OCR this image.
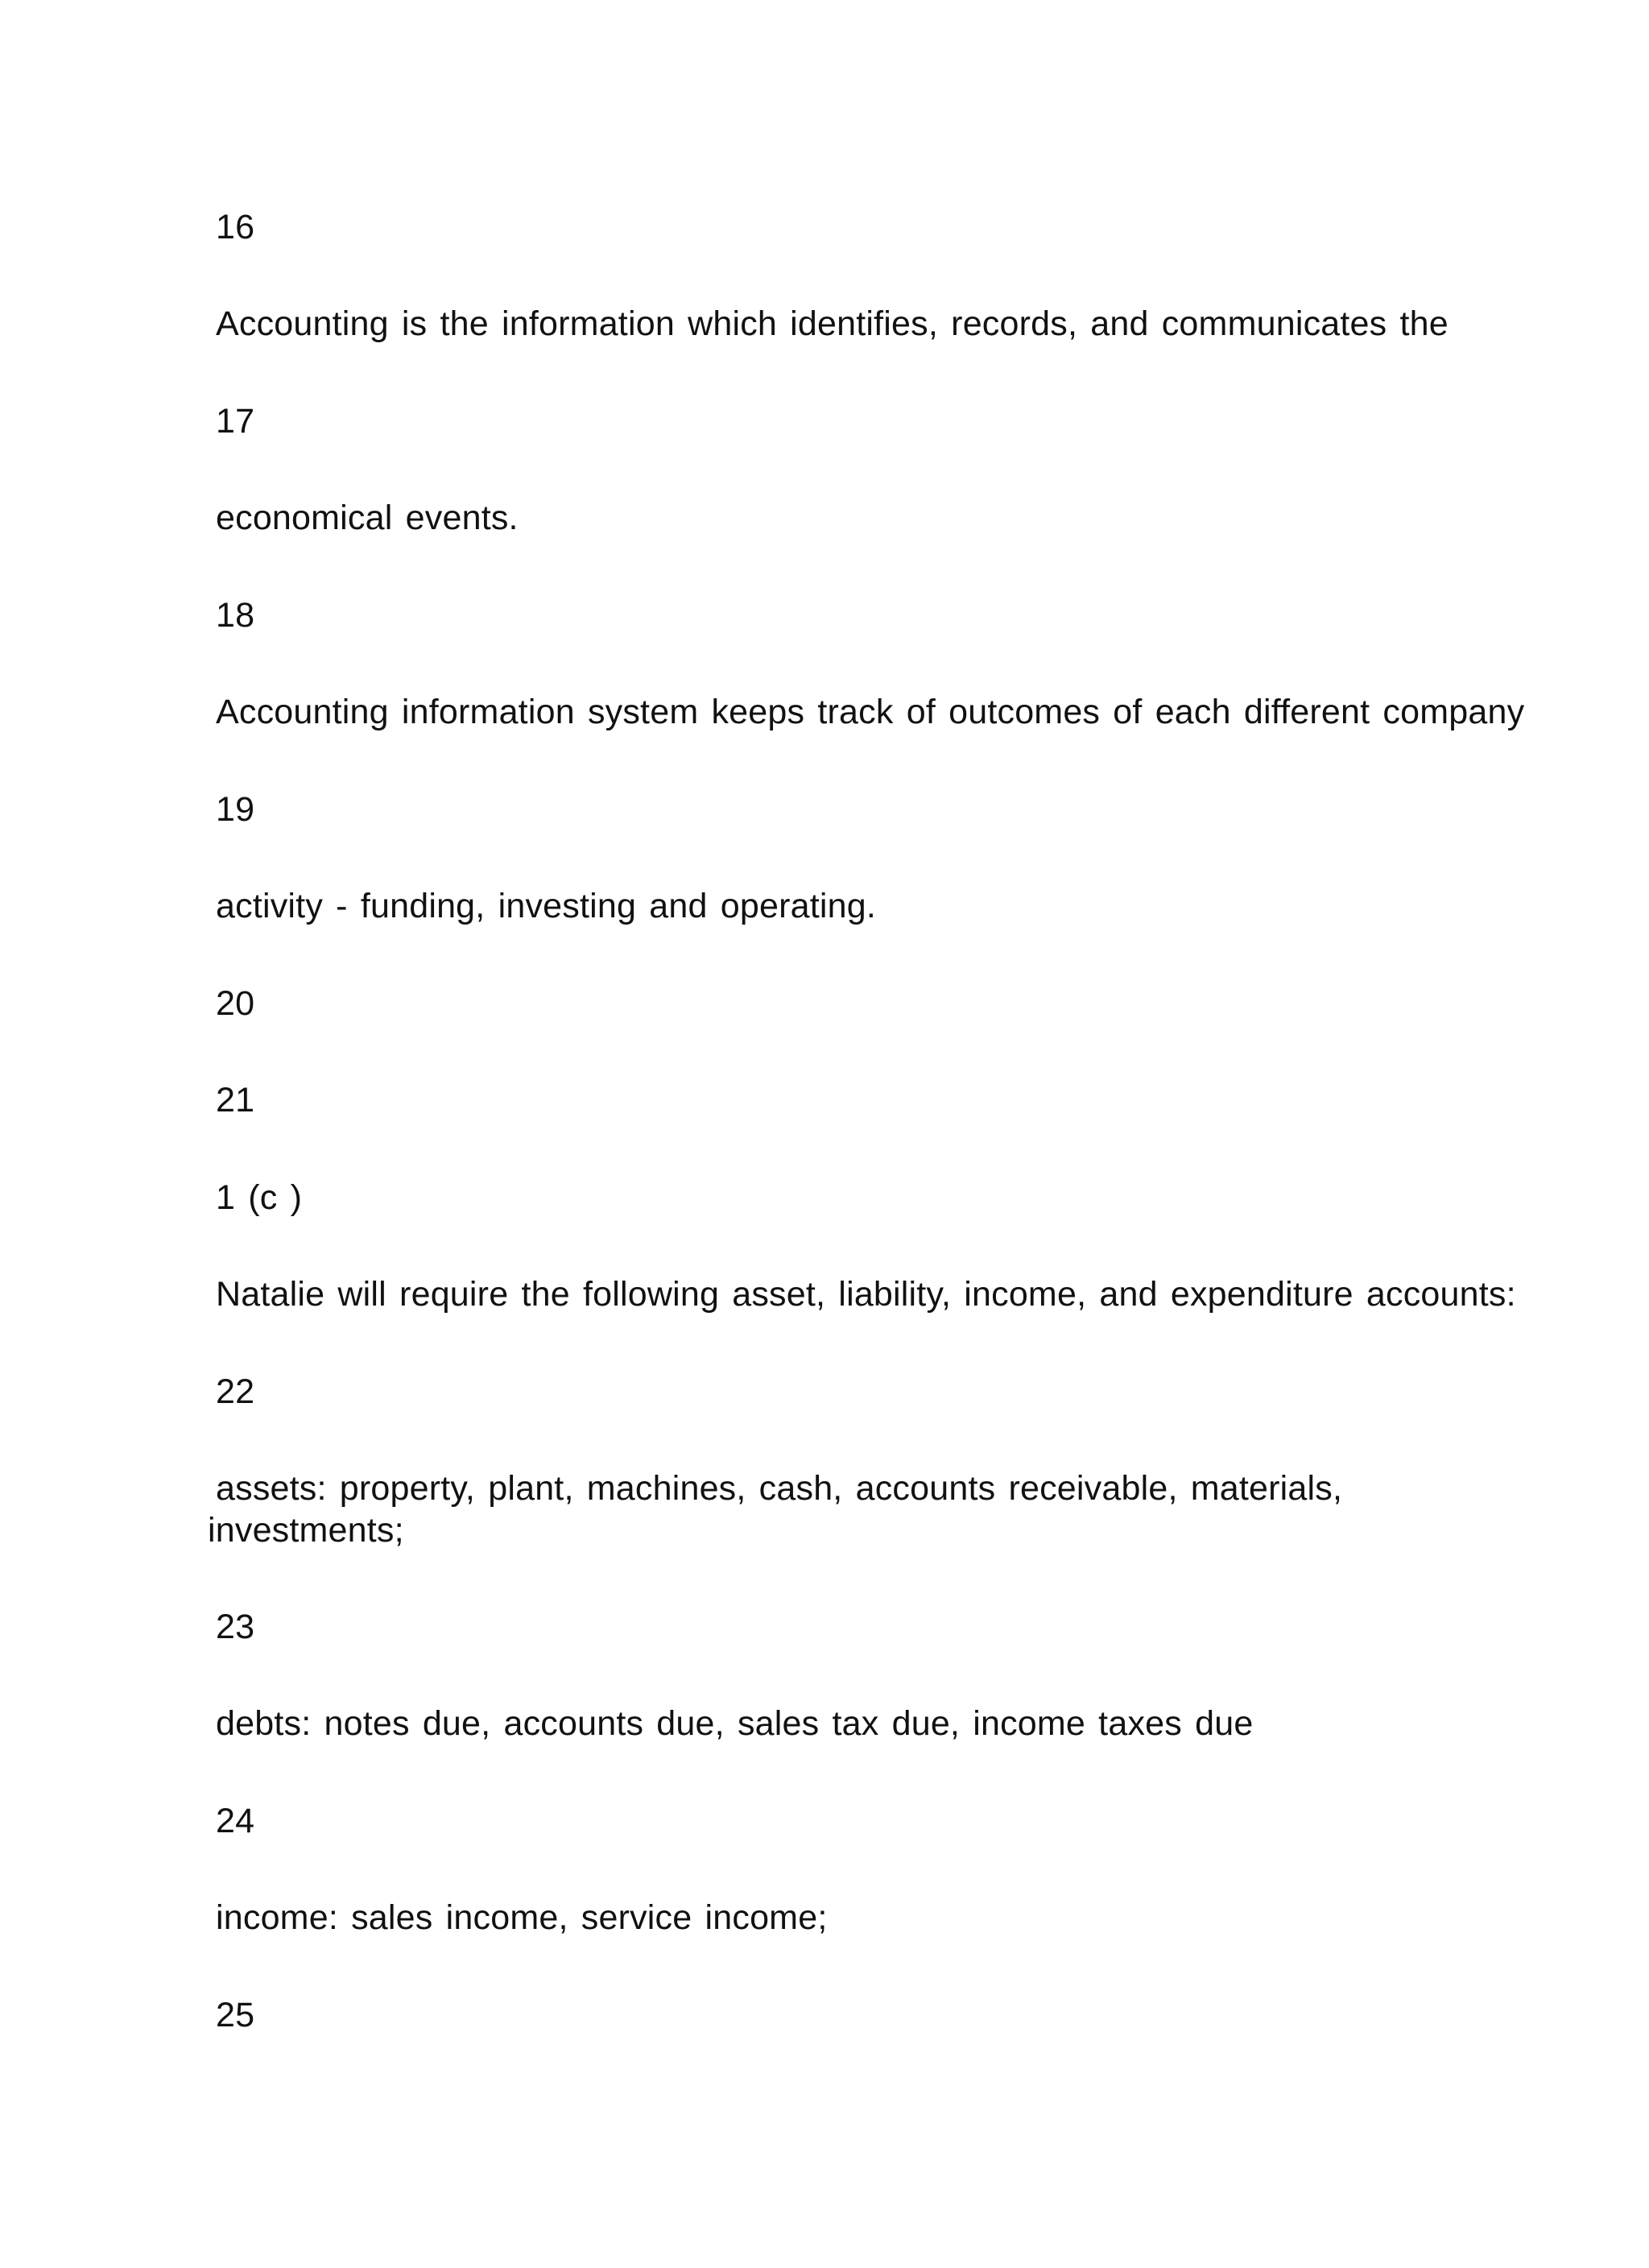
16
Accounting is the information which identifies, records, and communicates the
17
economical events.
18
Accounting information system keeps track of outcomes of each different company
19
activity - funding, investing and operating.
20
21
1 (c )
Natalie will require the following asset, liability, income, and expenditure accounts:
22
assets: property, plant, machines, cash, accounts receivable, materials,
investments;
23
debts: notes due, accounts due, sales tax due, income taxes due
24
income: sales income, service income;
25
